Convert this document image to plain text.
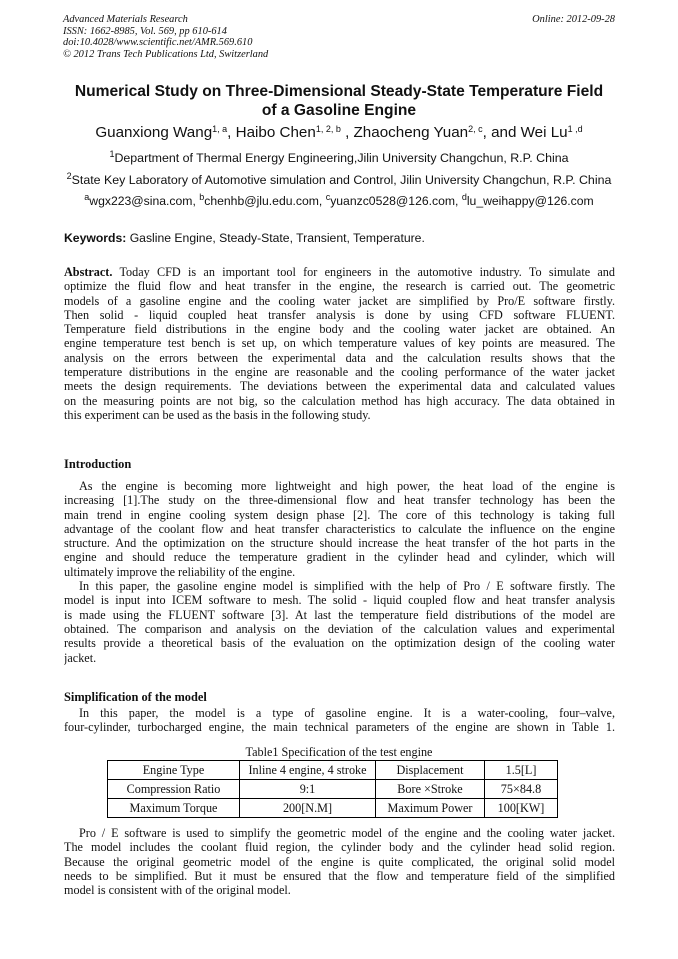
Advanced Materials Research
ISSN: 1662-8985, Vol. 569, pp 610-614
doi:10.4028/www.scientific.net/AMR.569.610
© 2012 Trans Tech Publications Ltd, Switzerland
Online: 2012-09-28
Numerical Study on Three-Dimensional Steady-State Temperature Field
of a Gasoline Engine
Guanxiong Wang$^{1, a}$, Haibo Chen$^{1, 2, b}$ , Zhaocheng Yuan$^{2, c}$, and Wei Lu$^{1 ,d}$
$^1$Department of Thermal Energy Engineering,Jilin University Changchun, R.P. China
$^2$State Key Laboratory of Automotive simulation and Control, Jilin University Changchun, R.P. China
$^a$wgx223@sina.com, $^b$chenhb@jlu.edu.com, $^c$yuanzc0528@126.com, $^d$lu_weihappy@126.com
Keywords: Gasline Engine, Steady-State, Transient, Temperature.
Abstract. Today CFD is an important tool for engineers in the automotive industry. To simulate and
optimize the fluid flow and heat transfer in the engine, the research is carried out. The geometric
models of a gasoline engine and the cooling water jacket are simplified by Pro/E software firstly.
Then solid - liquid coupled heat transfer analysis is done by using CFD software FLUENT.
Temperature field distributions in the engine body and the cooling water jacket are obtained. An
engine temperature test bench is set up, on which temperature values of key points are measured. The
analysis on the errors between the experimental data and the calculation results shows that the
temperature distributions in the engine are reasonable and the cooling performance of the water jacket
meets the design requirements. The deviations between the experimental data and calculated values
on the measuring points are not big, so the calculation method has high accuracy. The data obtained in
this experiment can be used as the basis in the following study.
Introduction
As the engine is becoming more lightweight and high power, the heat load of the engine is
increasing [1].The study on the three-dimensional flow and heat transfer technology has been the
main trend in engine cooling system design phase [2]. The core of this technology is taking full
advantage of the coolant flow and heat transfer characteristics to calculate the influence on the engine
structure. And the optimization on the structure should increase the heat transfer of the hot parts in the
engine and should reduce the temperature gradient in the cylinder head and cylinder, which will
ultimately improve the reliability of the engine.
In this paper, the gasoline engine model is simplified with the help of Pro / E software firstly. The
model is input into ICEM software to mesh. The solid - liquid coupled flow and heat transfer analysis
is made using the FLUENT software [3]. At last the temperature field distributions of the model are
obtained. The comparison and analysis on the deviation of the calculation values and experimental
results provide a theoretical basis of the evaluation on the optimization design of the cooling water
jacket.
Simplification of the model
In this paper, the model is a type of gasoline engine. It is a water-cooling, four–valve,
four-cylinder, turbocharged engine, the main technical parameters of the engine are shown in Table 1.
Table1 Specification of the test engine
Engine Type	Inline 4 engine, 4 stroke	Displacement	1.5[L]
Compression Ratio	9:1	Bore ×Stroke	75×84.8
Maximum Torque	200[N.M]	Maximum Power	100[KW]
Pro / E software is used to simplify the geometric model of the engine and the cooling water jacket.
The model includes the coolant fluid region, the cylinder body and the cylinder head solid region.
Because the original geometric model of the engine is quite complicated, the original solid model
needs to be simplified. But it must be ensured that the flow and temperature field of the simplified
model is consistent with of the original model.
